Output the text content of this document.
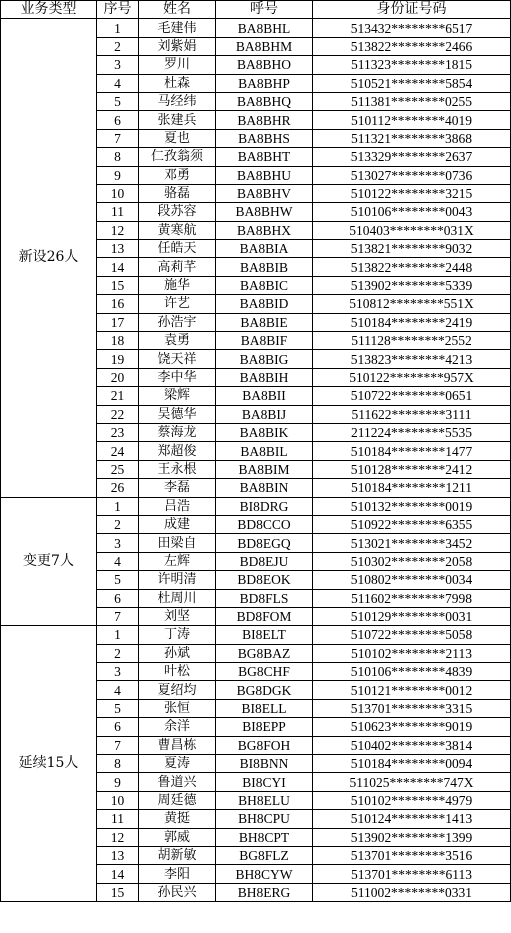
业务类型	序号	姓名	呼号	身份证号码
新设26人	1	毛建伟	BA8BHL	513432********6517
	2	刘紫娟	BA8BHM	513822********2466
	3	罗川	BA8BHO	511323********1815
	4	杜森	BA8BHP	510521********5854
	5	马经纬	BA8BHQ	511381********0255
	6	张建兵	BA8BHR	510112********4019
	7	夏也	BA8BHS	511321********3868
	8	仁孜翁须	BA8BHT	513329********2637
	9	邓勇	BA8BHU	513027********0736
	10	骆磊	BA8BHV	510122********3215
	11	段苏容	BA8BHW	510106********0043
	12	黄寒航	BA8BHX	510403********031X
	13	任皓天	BA8BIA	513821********9032
	14	高莉芊	BA8BIB	513822********2448
	15	施华	BA8BIC	513902********5339
	16	许艺	BA8BID	510812********551X
	17	孙浩宇	BA8BIE	510184********2419
	18	袁勇	BA8BIF	511128********2552
	19	饶天祥	BA8BIG	513823********4213
	20	李中华	BA8BIH	510122********957X
	21	梁辉	BA8BII	510722********0651
	22	吴德华	BA8BIJ	511622********3111
	23	蔡海龙	BA8BIK	211224********5535
	24	郑超俊	BA8BIL	510184********1477
	25	王永根	BA8BIM	510128********2412
	26	李磊	BA8BIN	510184********1211
变更7人	1	吕浩	BI8DRG	510132********0019
	2	成建	BD8CCO	510922********6355
	3	田梁自	BD8EGQ	513021********3452
	4	左辉	BD8EJU	510302********2058
	5	许明清	BD8EOK	510802********0034
	6	杜周川	BD8FLS	511602********7998
	7	刘坚	BD8FOM	510129********0031
延续15人	1	丁涛	BI8ELT	510722********5058
	2	孙斌	BG8BAZ	510102********2113
	3	叶松	BG8CHF	510106********4839
	4	夏绍均	BG8DGK	510121********0012
	5	张恒	BI8ELL	513701********3315
	6	余洋	BI8EPP	510623********9019
	7	曹昌栋	BG8FOH	510402********3814
	8	夏涛	BI8BNN	510184********0094
	9	鲁道兴	BI8CYI	511025********747X
	10	周廷德	BH8ELU	510102********4979
	11	黄挺	BH8CPU	510124********1413
	12	郭威	BH8CPT	513902********1399
	13	胡新敏	BG8FLZ	513701********3516
	14	李阳	BH8CYW	513701********6113
	15	孙民兴	BH8ERG	511002********0331
